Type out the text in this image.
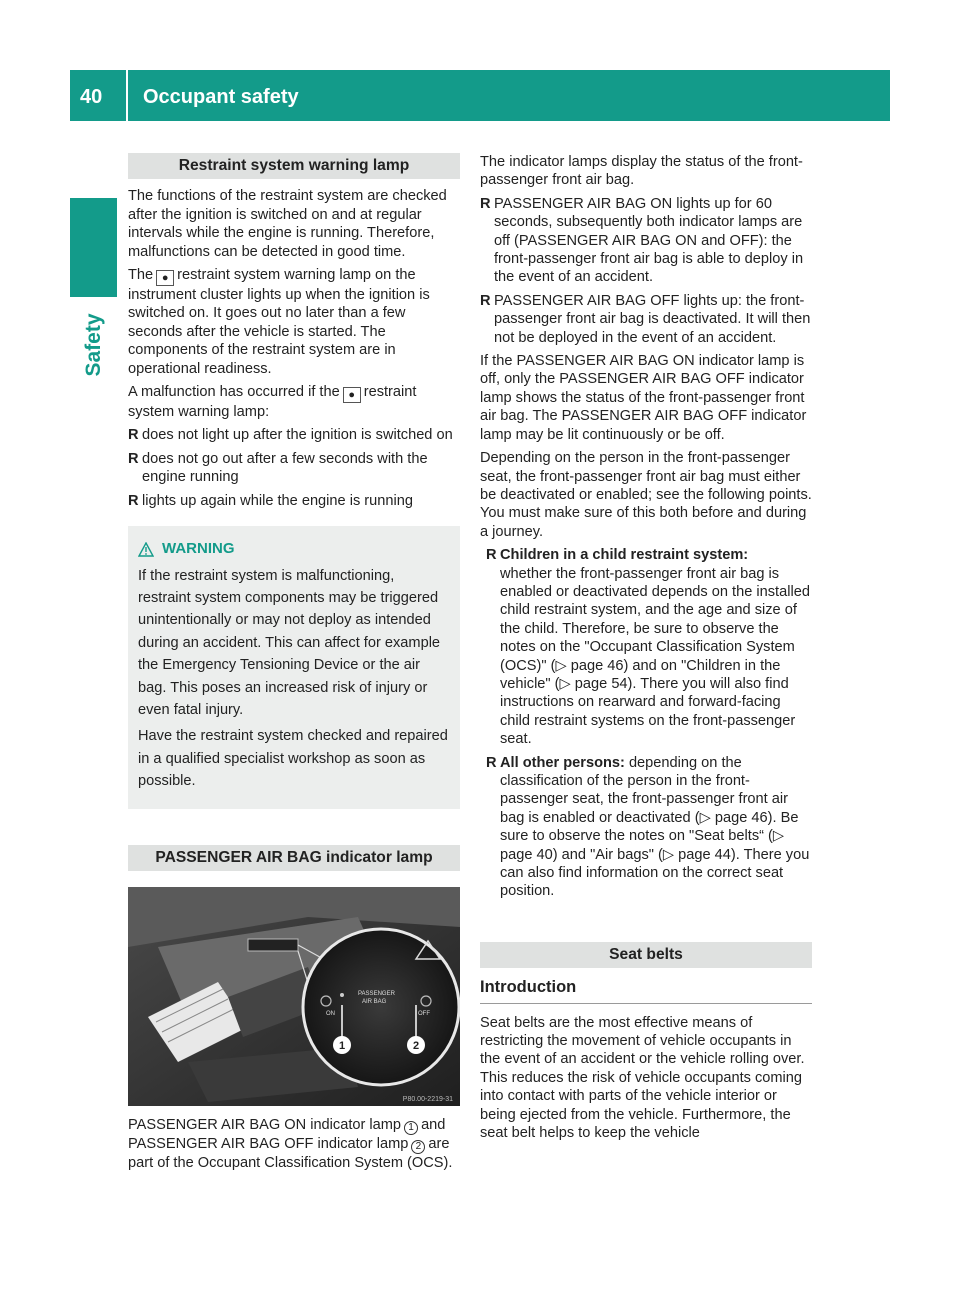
40 Occupant safety
Safety
Restraint system warning lamp

The functions of the restraint system are checked after the ignition is switched on and at regular intervals while the engine is running. Therefore, malfunctions can be detected in good time.

The ● restraint system warning lamp on the instrument cluster lights up when the ignition is switched on. It goes out no later than a few seconds after the vehicle is started. The components of the restraint system are in operational readiness.

A malfunction has occurred if the ● restraint system warning lamp:

R does not light up after the ignition is switched on
R does not go out after a few seconds with the engine running
R lights up again while the engine is running
WARNING

If the restraint system is malfunctioning, restraint system components may be triggered unintentionally or may not deploy as intended during an accident. This can affect for example the Emergency Tensioning Device or the air bag. This poses an increased risk of injury or even fatal injury.

Have the restraint system checked and repaired in a qualified specialist workshop as soon as possible.

PASSENGER AIR BAG indicator lamp
PASSENGER
AIR BAG
ON	OFF
1	2
P80.00-2219-31

PASSENGER AIR BAG ON indicator lamp 1 and PASSENGER AIR BAG OFF indicator lamp 2 are part of the Occupant Classification System (OCS).

The indicator lamps display the status of the front-passenger front air bag.

R PASSENGER AIR BAG ON lights up for 60 seconds, subsequently both indicator lamps are off (PASSENGER AIR BAG ON and OFF): the front-passenger front air bag is able to deploy in the event of an accident.
R PASSENGER AIR BAG OFF lights up: the front-passenger front air bag is deactivated. It will then not be deployed in the event of an accident.

If the PASSENGER AIR BAG ON indicator lamp is off, only the PASSENGER AIR BAG OFF indicator lamp shows the status of the front-passenger front air bag. The PASSENGER AIR BAG OFF indicator lamp may be lit continuously or be off.

Depending on the person in the front-passenger seat, the front-passenger front air bag must either be deactivated or enabled; see the following points. You must make sure of this both before and during a journey.

R Children in a child restraint system:
whether the front-passenger front air bag is enabled or deactivated depends on the installed child restraint system, and the age and size of the child. Therefore, be sure to observe the notes on the "Occupant Classification System (OCS)" (▷ page 46) and on "Children in the vehicle" (▷ page 54). There you will also find instructions on rearward and forward-facing child restraint systems on the front-passenger seat.
R All other persons: depending on the classification of the person in the front-passenger seat, the front-passenger front air bag is enabled or deactivated (▷ page 46). Be sure to observe the notes on "Seat belts“ (▷ page 40) and "Air bags" (▷ page 44). There you can also find information on the correct seat position.
Seat belts
Introduction

Seat belts are the most effective means of restricting the movement of vehicle occupants in the event of an accident or the vehicle rolling over. This reduces the risk of vehicle occupants coming into contact with parts of the vehicle interior or being ejected from the vehicle. Furthermore, the seat belt helps to keep the vehicle
